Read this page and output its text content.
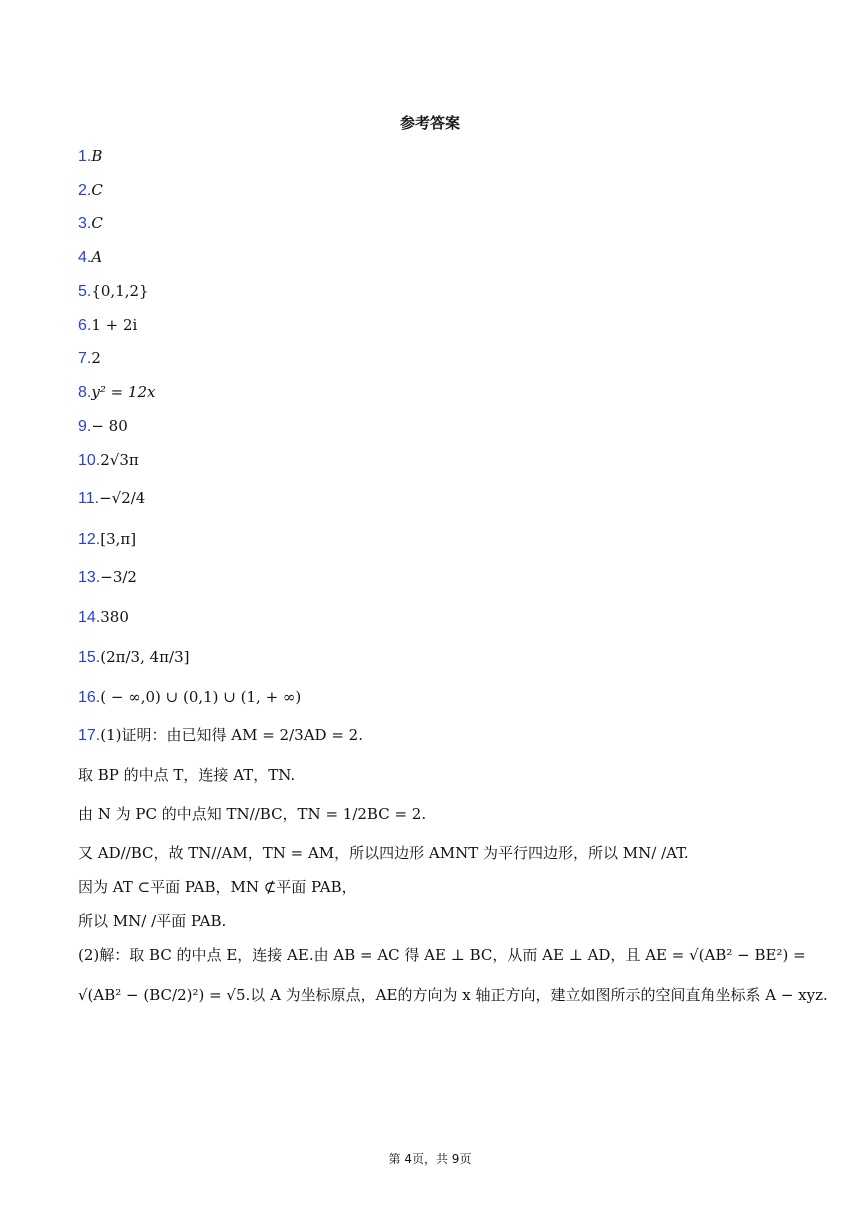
参考答案
1.B
2.C
3.C
4.A
5.{0,1,2}
6.1 + 2i
7.2
8.y² = 12x
9.− 80
10.2√3π
11.−√2/4
12.[3,π]
13.−3/2
14.380
15.(2π/3, 4π/3]
16.( − ∞,0) ∪ (0,1) ∪ (1, + ∞)
17.(1)证明：由已知得 AM = 2/3AD = 2.
取 BP 的中点 T，连接 AT，TN.
由 N 为 PC 的中点知 TN//BC，TN = 1/2BC = 2.
又 AD//BC，故 TN//AM，TN = AM，所以四边形 AMNT 为平行四边形，所以 MN/ /AT.
因为 AT ⊂平面 PAB，MN ⊄平面 PAB，
所以 MN/ /平面 PAB.
(2)解：取 BC 的中点 E，连接 AE.由 AB = AC 得 AE ⊥ BC，从而 AE ⊥ AD，且 AE = √(AB² − BE²) =
√(AB² − (BC/2)²) = √5.以 A 为坐标原点，AE的方向为 x 轴正方向，建立如图所示的空间直角坐标系 A − xyz.
第 4页，共 9页
